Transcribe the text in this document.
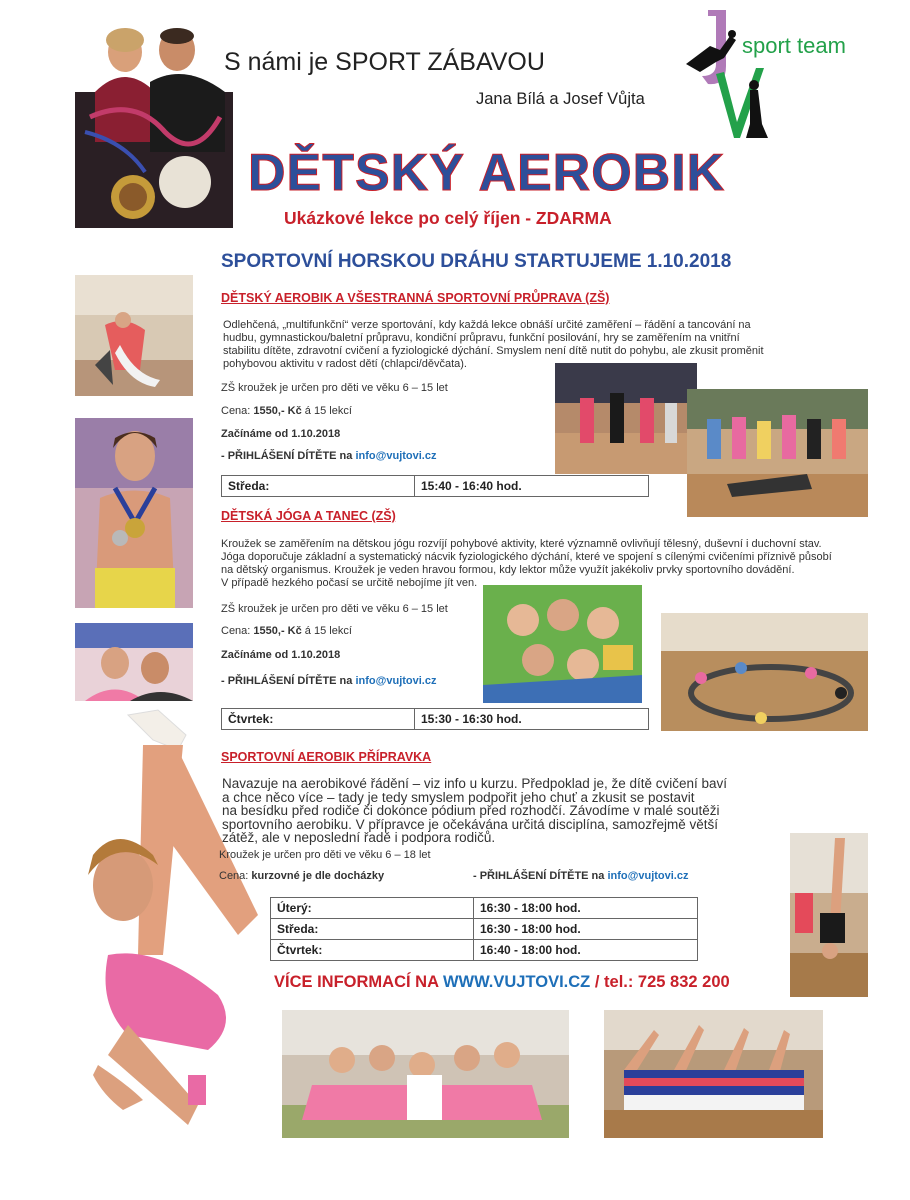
S námi je SPORT ZÁBAVOU
Jana Bílá a Josef Vůjta
sport team
DĚTSKÝ AEROBIK
Ukázkové lekce po celý říjen - ZDARMA
SPORTOVNÍ HORSKOU DRÁHU STARTUJEME 1.10.2018
DĚTSKÝ AEROBIK A VŠESTRANNÁ SPORTOVNÍ PRŮPRAVA (ZŠ)
Odlehčená, „multifunkční“ verze sportování, kdy každá lekce obnáší určité zaměření – řádění a tancování na
hudbu, gymnastickou/baletní průpravu, kondiční průpravu, funkční posilování, hry se zaměřením na vnitřní
stabilitu dítěte, zdravotní cvičení a fyziologické dýchání. Smyslem není dítě nutit do pohybu, ale zkusit proměnit
pohybovou aktivitu v radost dětí (chlapci/děvčata).
ZŠ kroužek je určen pro děti ve věku 6 – 15 let
Cena: 1550,- Kč á 15 lekcí
Začínáme od 1.10.2018
- PŘIHLÁŠENÍ DÍTĚTE na info@vujtovi.cz
Středa:	15:40 - 16:40 hod.
DĚTSKÁ JÓGA A TANEC (ZŠ)
Kroužek se zaměřením na dětskou jógu rozvíjí pohybové aktivity, které významně ovlivňují tělesný, duševní i duchovní stav.
Jóga doporučuje základní a systematický nácvik fyziologického dýchání, které ve spojení s cílenými cvičeními příznivě působí
na dětský organismus. Kroužek je veden hravou formou, kdy lektor může využít jakékoliv prvky sportovního dovádění.
V případě hezkého počasí se určitě nebojíme jít ven.
ZŠ kroužek je určen pro děti ve věku 6 – 15 let
Cena: 1550,- Kč á 15 lekcí
Začínáme od 1.10.2018
- PŘIHLÁŠENÍ DÍTĚTE na info@vujtovi.cz
Čtvrtek:	15:30 - 16:30 hod.
SPORTOVNÍ AEROBIK PŘÍPRAVKA
Navazuje na aerobikové řádění – viz info u kurzu. Předpoklad je, že dítě cvičení baví
a chce něco více – tady je tedy smyslem podpořit jeho chuť a zkusit se postavit
na besídku před rodiče či dokonce pódium před rozhodčí. Závodíme v malé soutěži
sportovního aerobiku. V přípravce je očekávána určitá disciplína, samozřejmě větší
zátěž, ale v neposlední řadě i podpora rodičů.
Kroužek je určen pro děti ve věku 6 – 18 let
Cena: kurzovné je dle docházky	- PŘIHLÁŠENÍ DÍTĚTE na info@vujtovi.cz
Úterý:	16:30 - 18:00 hod.
Středa:	16:30 - 18:00 hod.
Čtvrtek:	16:40 - 18:00 hod.
VÍCE INFORMACÍ NA WWW.VUJTOVI.CZ / tel.: 725 832 200
